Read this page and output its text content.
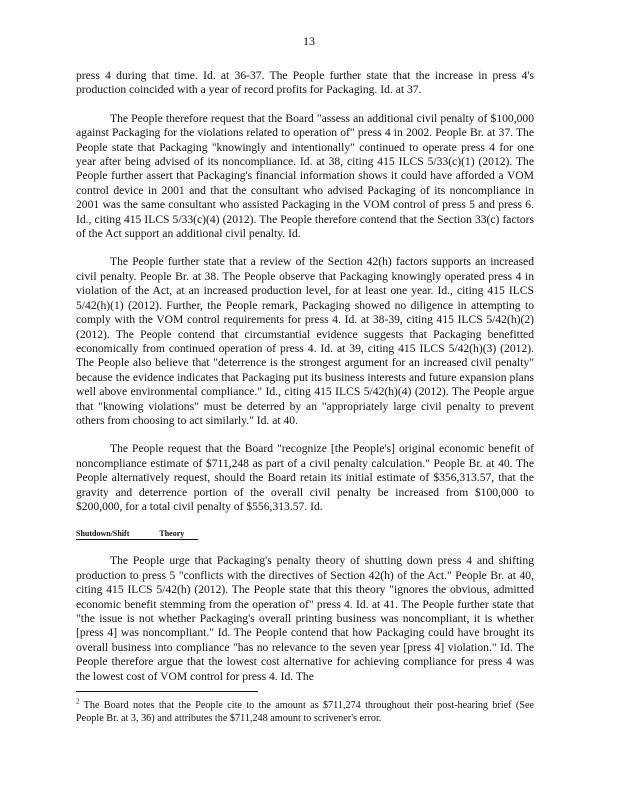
13

press 4 during that time. Id. at 36-37. The People further state that the increase in press 4's production coincided with a year of record profits for Packaging. Id. at 37.

The People therefore request that the Board "assess an additional civil penalty of $100,000 against Packaging for the violations related to operation of" press 4 in 2002. People Br. at 37. The People state that Packaging "knowingly and intentionally" continued to operate press 4 for one year after being advised of its noncompliance. Id. at 38, citing 415 ILCS 5/33(c)(1) (2012). The People further assert that Packaging's financial information shows it could have afforded a VOM control device in 2001 and that the consultant who advised Packaging of its noncompliance in 2001 was the same consultant who assisted Packaging in the VOM control of press 5 and press 6. Id., citing 415 ILCS 5/33(c)(4) (2012). The People therefore contend that the Section 33(c) factors of the Act support an additional civil penalty. Id.

The People further state that a review of the Section 42(h) factors supports an increased civil penalty. People Br. at 38. The People observe that Packaging knowingly operated press 4 in violation of the Act, at an increased production level, for at least one year. Id., citing 415 ILCS 5/42(h)(1) (2012). Further, the People remark, Packaging showed no diligence in attempting to comply with the VOM control requirements for press 4. Id. at 38-39, citing 415 ILCS 5/42(h)(2) (2012). The People contend that circumstantial evidence suggests that Packaging benefitted economically from continued operation of press 4. Id. at 39, citing 415 ILCS 5/42(h)(3) (2012). The People also believe that "deterrence is the strongest argument for an increased civil penalty" because the evidence indicates that Packaging put its business interests and future expansion plans well above environmental compliance." Id., citing 415 ILCS 5/42(h)(4) (2012). The People argue that "knowing violations" must be deterred by an "appropriately large civil penalty to prevent others from choosing to act similarly." Id. at 40.

The People request that the Board "recognize [the People's] original economic benefit of noncompliance estimate of $711,248 as part of a civil penalty calculation." People Br. at 40. The People alternatively request, should the Board retain its initial estimate of $356,313.57, that the gravity and deterrence portion of the overall civil penalty be increased from $100,000 to $200,000, for a total civil penalty of $556,313.57. Id.

Shutdown/Shift	Theory

The People urge that Packaging's penalty theory of shutting down press 4 and shifting production to press 5 "conflicts with the directives of Section 42(h) of the Act." People Br. at 40, citing 415 ILCS 5/42(h) (2012). The People state that this theory "ignores the obvious, admitted economic benefit stemming from the operation of" press 4. Id. at 41. The People further state that "the issue is not whether Packaging's overall printing business was noncompliant, it is whether [press 4] was noncompliant." Id. The People contend that how Packaging could have brought its overall business into compliance "has no relevance to the seven year [press 4] violation." Id. The People therefore argue that the lowest cost alternative for achieving compliance for press 4 was the lowest cost of VOM control for press 4. Id. The

$^2$ The Board notes that the People cite to the amount as $711,274 throughout their post-hearing brief (See People Br. at 3, 36) and attributes the $711,248 amount to scrivener's error.
